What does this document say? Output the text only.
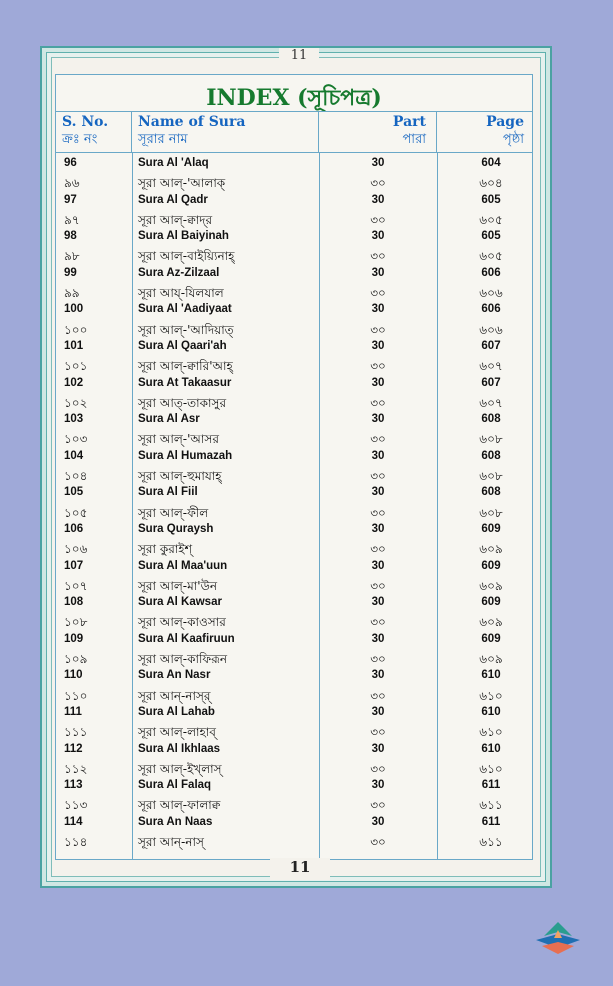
11
INDEX (সূচিপত্র)
S. No.
ক্রঃ নং
Name of Sura
সূরার নাম
Part
পারা
Page
পৃষ্ঠা
96	Sura Al 'Alaq	30	604
৯৬	সূরা আল্-'আলাক্	৩০	৬০৪
97	Sura Al Qadr	30	605
৯৭	সূরা আল্-ক্বাদ্‌র	৩০	৬০৫
98	Sura Al Baiyinah	30	605
৯৮	সূরা আল্-বাইয়্যিনাহ্	৩০	৬০৫
99	Sura Az-Zilzaal	30	606
৯৯	সূরা আয্-যিলযাল	৩০	৬০৬
100	Sura Al 'Aadiyaat	30	606
১০০	সূরা আল্-'আদিয়াত্	৩০	৬০৬
101	Sura Al Qaari'ah	30	607
১০১	সূরা আল্-ক্বারি'আহ্	৩০	৬০৭
102	Sura At Takaasur	30	607
১০২	সূরা আত্-তাকাসুর	৩০	৬০৭
103	Sura Al Asr	30	608
১০৩	সূরা আল্-'আসর	৩০	৬০৮
104	Sura Al Humazah	30	608
১০৪	সূরা আল্-হুমাযাহ্	৩০	৬০৮
105	Sura Al Fiil	30	608
১০৫	সূরা আল্-ফীল	৩০	৬০৮
106	Sura Quraysh	30	609
১০৬	সূরা কুরাইশ্	৩০	৬০৯
107	Sura Al Maa'uun	30	609
১০৭	সূরা আল্-মা'উন	৩০	৬০৯
108	Sura Al Kawsar	30	609
১০৮	সূরা আল্-কাওসার	৩০	৬০৯
109	Sura Al Kaafiruun	30	609
১০৯	সূরা আল্-কাফিরূন	৩০	৬০৯
110	Sura An Nasr	30	610
১১০	সূরা আন্-নাস্‌র্	৩০	৬১০
111	Sura Al Lahab	30	610
১১১	সূরা আল্-লাহাব্	৩০	৬১০
112	Sura Al Ikhlaas	30	610
১১২	সূরা আল্-ইখ্‌লাস্	৩০	৬১০
113	Sura Al Falaq	30	611
১১৩	সূরা আল্-ফালাক্ব	৩০	৬১১
114	Sura An Naas	30	611
১১৪	সূরা আন্-নাস্	৩০	৬১১
11
